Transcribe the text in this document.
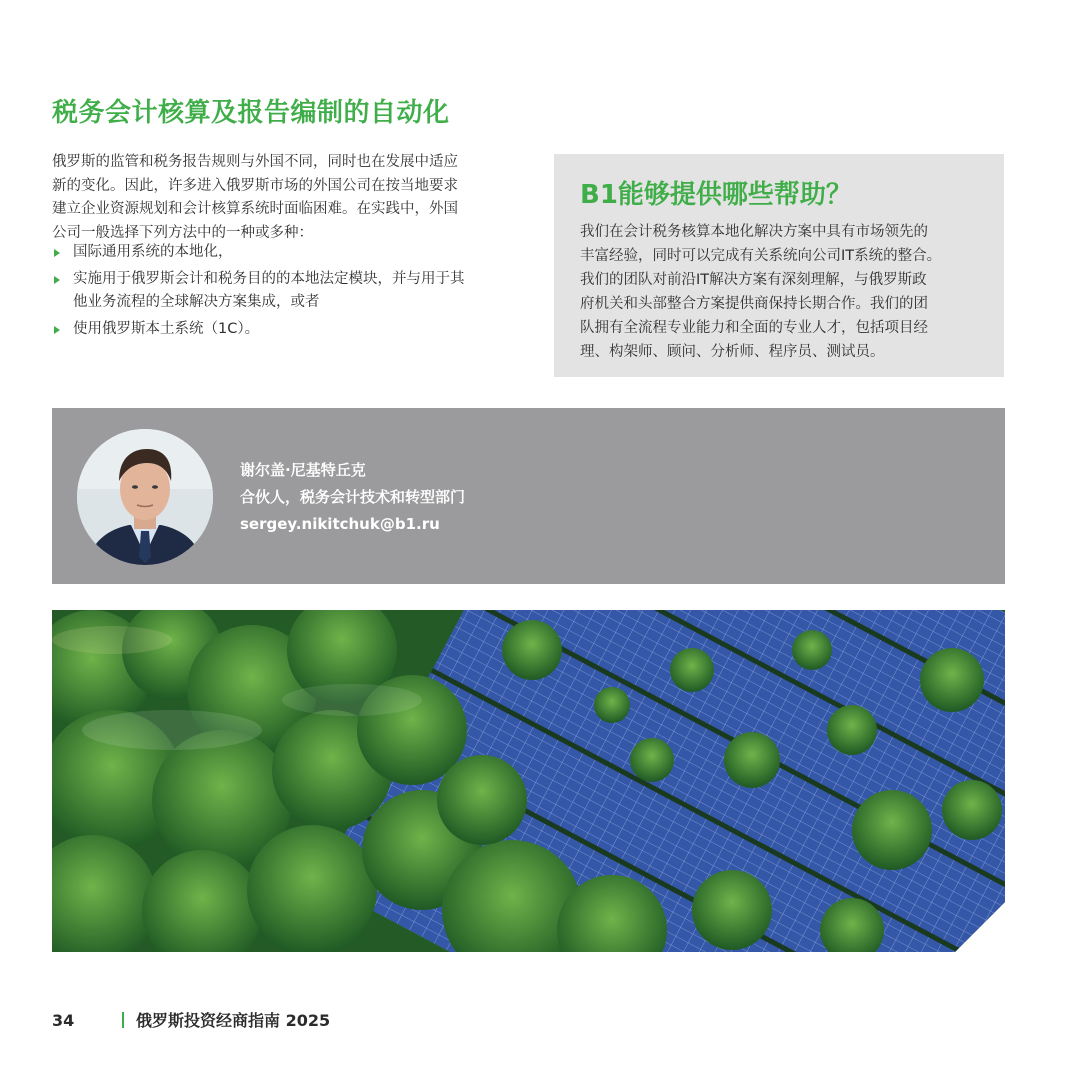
税务会计核算及报告编制的自动化

俄罗斯的监管和税务报告规则与外国不同，同时也在发展中适应
新的变化。因此，许多进入俄罗斯市场的外国公司在按当地要求
建立企业资源规划和会计核算系统时面临困难。在实践中，外国
公司一般选择下列方法中的一种或多种：

国际通用系统的本地化，
实施用于俄罗斯会计和税务目的的本地法定模块，并与用于其
他业务流程的全球解决方案集成，或者
使用俄罗斯本土系统（1C）。
B1能够提供哪些帮助？

我们在会计税务核算本地化解决方案中具有市场领先的
丰富经验，同时可以完成有关系统向公司IT系统的整合。
我们的团队对前沿IT解决方案有深刻理解，与俄罗斯政
府机关和头部整合方案提供商保持长期合作。我们的团
队拥有全流程专业能力和全面的专业人才，包括项目经
理、构架师、顾问、分析师、程序员、测试员。

谢尔盖·尼基特丘克
合伙人，税务会计技术和转型部门
sergey.nikitchuk@b1.ru
34	俄罗斯投资经商指南 2025
